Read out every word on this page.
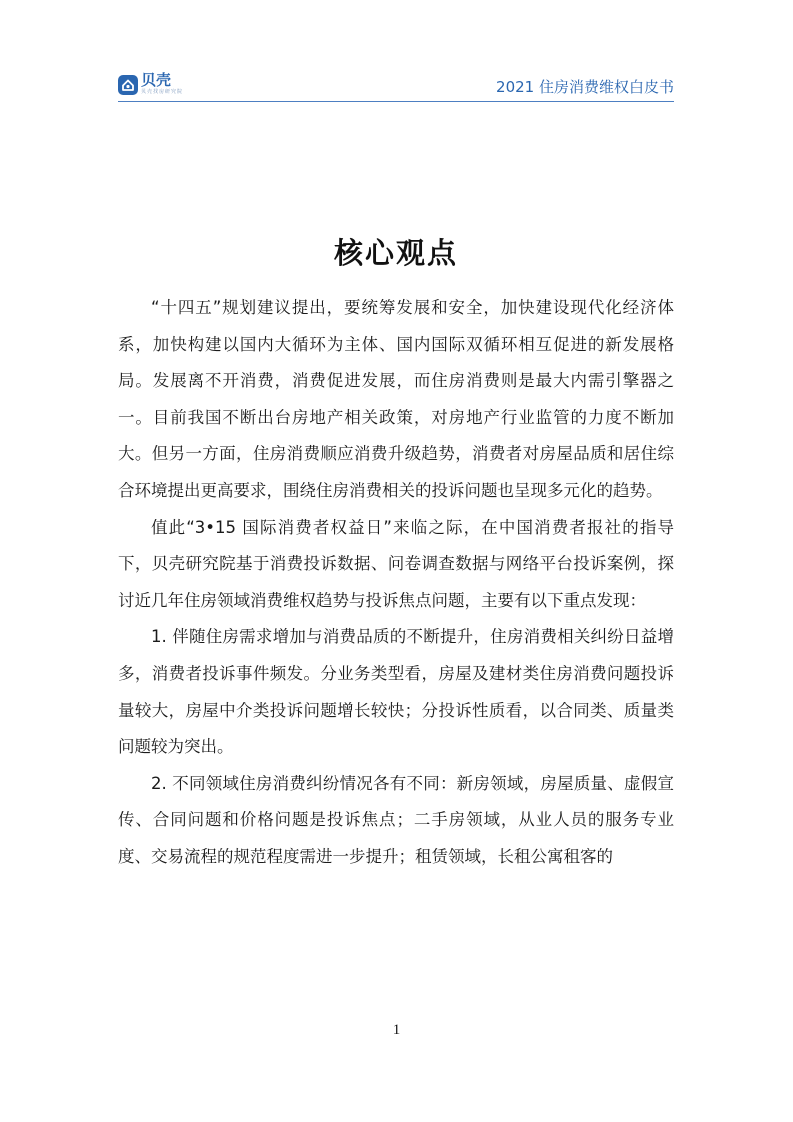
贝壳
贝壳找房研究院	2021 住房消费维权白皮书
核心观点

“十四五”规划建议提出，要统筹发展和安全，加快建设现代化经济体系，加快构建以国内大循环为主体、国内国际双循环相互促进的新发展格局。发展离不开消费，消费促进发展，而住房消费则是最大内需引擎器之一。目前我国不断出台房地产相关政策，对房地产行业监管的力度不断加大。但另一方面，住房消费顺应消费升级趋势，消费者对房屋品质和居住综合环境提出更高要求，围绕住房消费相关的投诉问题也呈现多元化的趋势。

值此“3•15 国际消费者权益日”来临之际，在中国消费者报社的指导下，贝壳研究院基于消费投诉数据、问卷调查数据与网络平台投诉案例，探讨近几年住房领域消费维权趋势与投诉焦点问题，主要有以下重点发现：

1. 伴随住房需求增加与消费品质的不断提升，住房消费相关纠纷日益增多，消费者投诉事件频发。分业务类型看，房屋及建材类住房消费问题投诉量较大，房屋中介类投诉问题增长较快；分投诉性质看，以合同类、质量类问题较为突出。

2. 不同领域住房消费纠纷情况各有不同：新房领域，房屋质量、虚假宣传、合同问题和价格问题是投诉焦点；二手房领域，从业人员的服务专业度、交易流程的规范程度需进一步提升；租赁领域，长租公寓租客的

1
